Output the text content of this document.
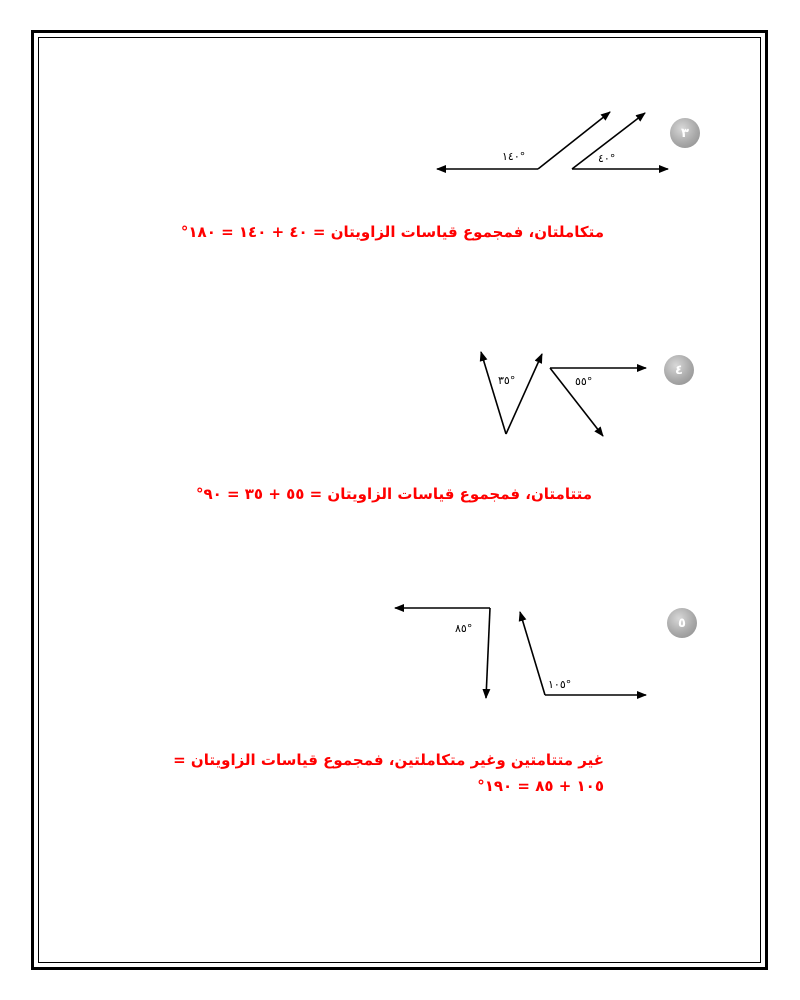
٣
١٤٠°	٤٠°
متكاملتان، فمجموع قياسات الزاويتان = ٤٠ + ١٤٠ = ١٨٠°
٤
٣٥°	٥٥°
متتامتان، فمجموع قياسات الزاويتان = ٥٥ + ٣٥ = ٩٠°
٥
٨٥°
١٠٥°
غير متتامتين وغير متكاملتين، فمجموع قياسات الزاويتان =
١٠٥ + ٨٥ = ١٩٠°
